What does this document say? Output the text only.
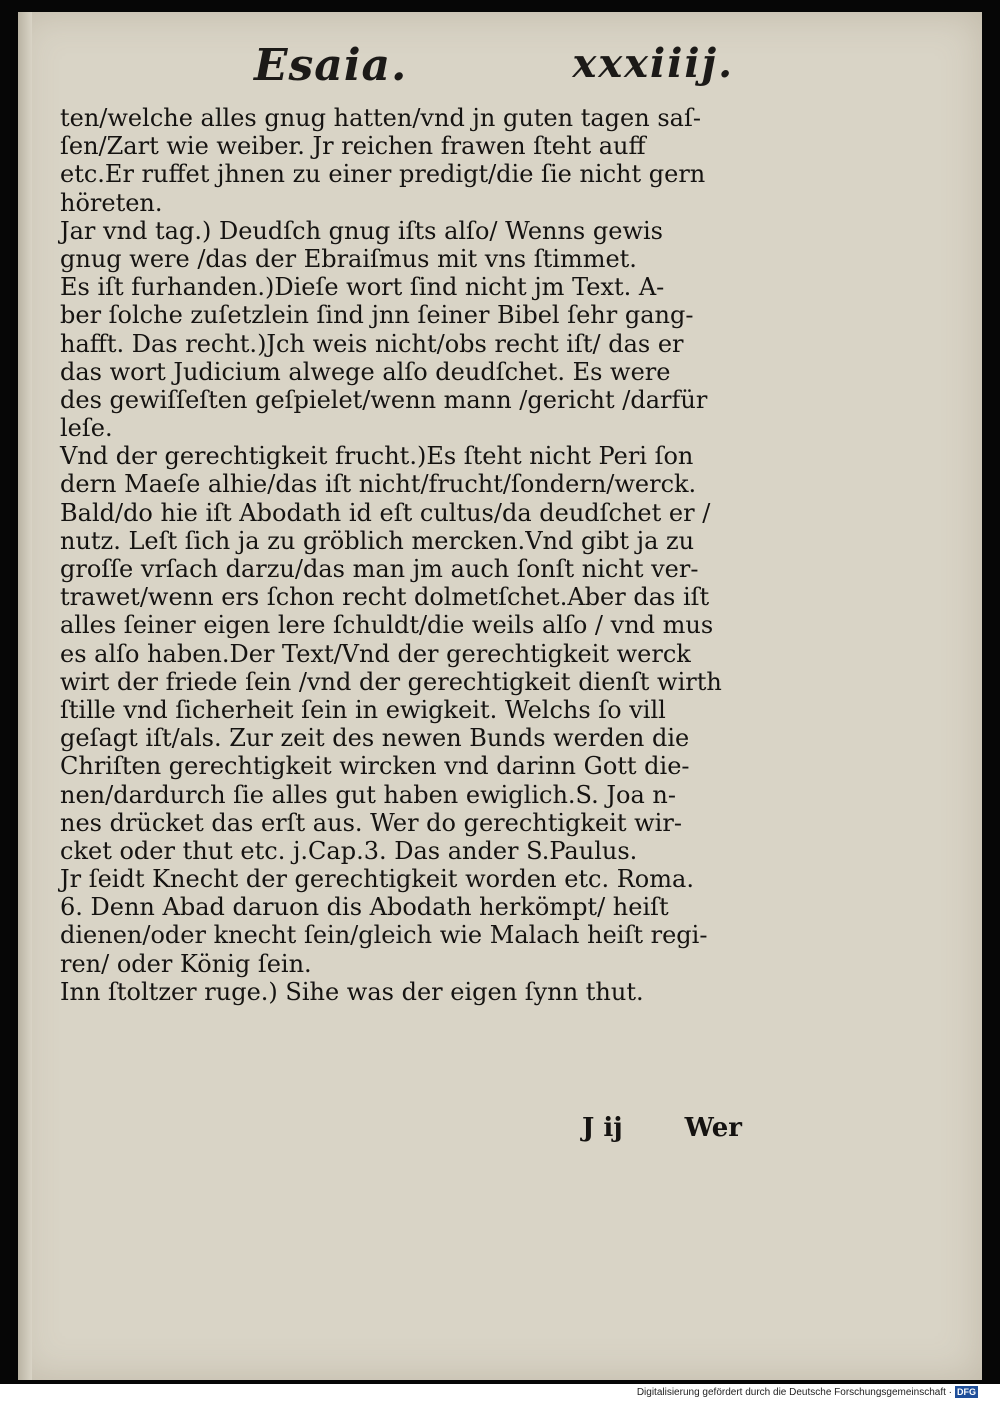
Esaia.	xxxiiij.
ten/welche alles gnug hatten/vnd jn guten tagen saſ-
ſen/Zart wie weiber. Jr reichen frawen ſteht auff
etc.Er ruffet jhnen zu einer predigt/die ſie nicht gern
höreten.
Jar vnd tag.) Deudſch gnug iſts alſo/ Wenns gewis
gnug were /das der Ebraiſmus mit vns ſtimmet.
Es iſt furhanden.)Dieſe wort ſind nicht jm Text. A-
ber ſolche zuſetzlein ſind jnn ſeiner Bibel ſehr gang-
hafft. Das recht.)Jch weis nicht/obs recht iſt/ das er
das wort Judicium alwege alſo deudſchet. Es were
des gewiſſeſten geſpielet/wenn mann /gericht /darfür
leſe.
Vnd der gerechtigkeit frucht.)Es ſteht nicht Peri ſon
dern Maeſe alhie/das iſt nicht/frucht/ſondern/werck.
Bald/do hie iſt Abodath id eſt cultus/da deudſchet er /
nutz. Leſt ſich ja zu gröblich mercken.Vnd gibt ja zu
groſſe vrſach darzu/das man jm auch ſonſt nicht ver-
trawet/wenn ers ſchon recht dolmetſchet.Aber das iſt
alles ſeiner eigen lere ſchuldt/die weils alſo / vnd mus
es alſo haben.Der Text/Vnd der gerechtigkeit werck
wirt der friede ſein /vnd der gerechtigkeit dienſt wirth
ſtille vnd ſicherheit ſein in ewigkeit. Welchs ſo vill
geſagt iſt/als. Zur zeit des newen Bunds werden die
Chriſten gerechtigkeit wircken vnd darinn Gott die-
nen/dardurch ſie alles gut haben ewiglich.S. Joa n-
nes drücket das erſt aus. Wer do gerechtigkeit wir-
cket oder thut etc. j.Cap.3. Das ander S.Paulus.
Jr ſeidt Knecht der gerechtigkeit worden etc. Roma.
6. Denn Abad daruon dis Abodath herkömpt/ heiſt
dienen/oder knecht ſein/gleich wie Malach heiſt regi-
ren/ oder König ſein.
Inn ſtoltzer ruge.) Sihe was der eigen ſynn thut.
J ij Wer
Digitalisierung gefördert durch die Deutsche Forschungsgemeinschaft · DFG
